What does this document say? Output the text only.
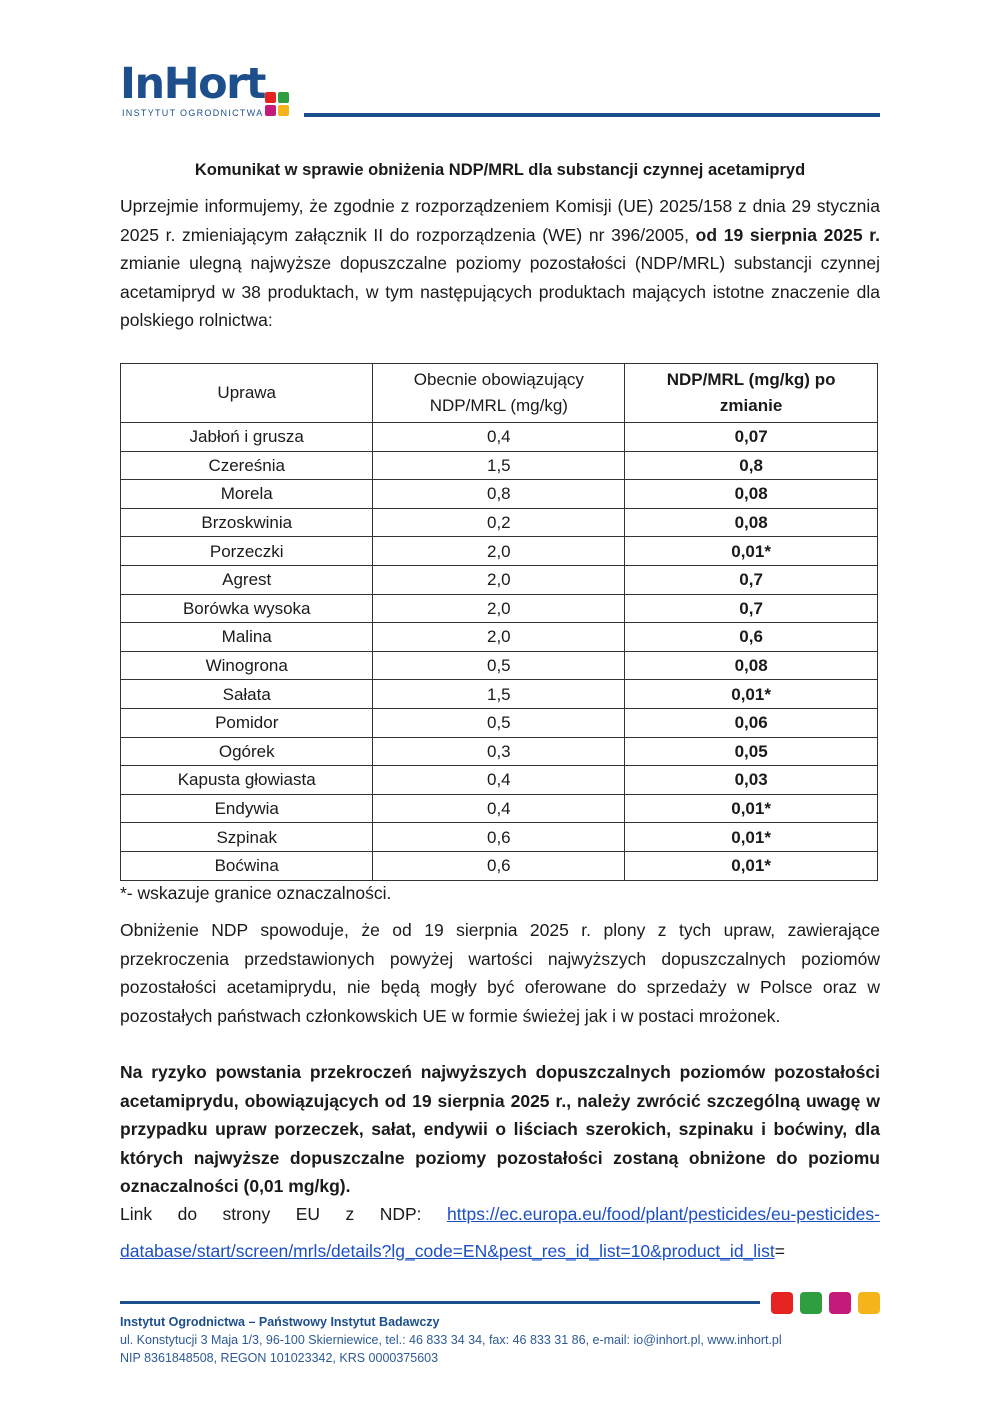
InHort
INSTYTUT OGRODNICTWA
Komunikat w sprawie obniżenia NDP/MRL dla substancji czynnej acetamipryd
Uprzejmie informujemy, że zgodnie z rozporządzeniem Komisji (UE) 2025/158 z dnia 29 stycznia 2025 r. zmieniającym załącznik II do rozporządzenia (WE) nr 396/2005, od 19 sierpnia 2025 r. zmianie ulegną najwyższe dopuszczalne poziomy pozostałości (NDP/MRL) substancji czynnej acetamipryd w 38 produktach, w tym następujących produktach mających istotne znaczenie dla polskiego rolnictwa:
Uprawa	Obecnie obowiązujący NDP/MRL (mg/kg)	NDP/MRL (mg/kg) po zmianie

Jabłoń i grusza	0,4	0,07
Czereśnia	1,5	0,8
Morela	0,8	0,08
Brzoskwinia	0,2	0,08
Porzeczki	2,0	0,01*
Agrest	2,0	0,7
Borówka wysoka	2,0	0,7
Malina	2,0	0,6
Winogrona	0,5	0,08
Sałata	1,5	0,01*
Pomidor	0,5	0,06
Ogórek	0,3	0,05
Kapusta głowiasta	0,4	0,03
Endywia	0,4	0,01*
Szpinak	0,6	0,01*
Boćwina	0,6	0,01*
*- wskazuje granice oznaczalności.
Obniżenie NDP spowoduje, że od 19 sierpnia 2025 r. plony z tych upraw, zawierające przekroczenia przedstawionych powyżej wartości najwyższych dopuszczalnych poziomów pozostałości acetamiprydu, nie będą mogły być oferowane do sprzedaży w Polsce oraz w pozostałych państwach członkowskich UE w formie świeżej jak i w postaci mrożonek.
Na ryzyko powstania przekroczeń najwyższych dopuszczalnych poziomów pozostałości acetamiprydu, obowiązujących od 19 sierpnia 2025 r., należy zwrócić szczególną uwagę w przypadku upraw porzeczek, sałat, endywii o liściach szerokich, szpinaku i boćwiny, dla których najwyższe dopuszczalne poziomy pozostałości zostaną obniżone do poziomu oznaczalności (0,01 mg/kg).
Link do strony EU z NDP: https://ec.europa.eu/food/plant/pesticides/eu-pesticides-
database/start/screen/mrls/details?lg_code=EN&pest_res_id_list=10&product_id_list=
Instytut Ogrodnictwa – Państwowy Instytut Badawczy
ul. Konstytucji 3 Maja 1/3, 96-100 Skierniewice, tel.: 46 833 34 34, fax: 46 833 31 86, e-mail: io@inhort.pl, www.inhort.pl
NIP 8361848508, REGON 101023342, KRS 0000375603
